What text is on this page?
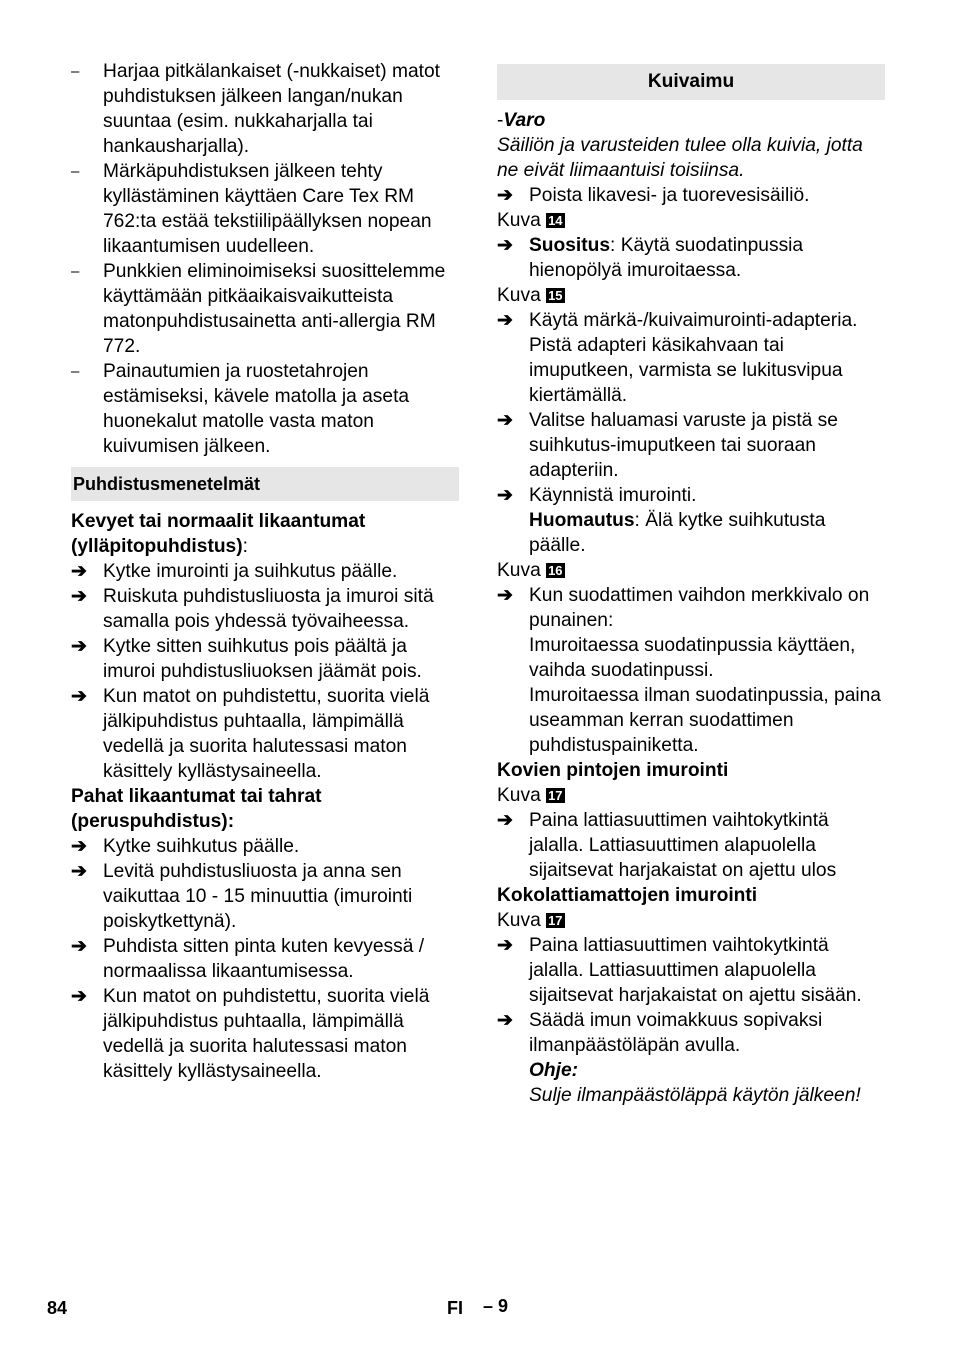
–	Harjaa pitkälankaiset (-nukkaiset) matot puhdistuksen jälkeen langan/nukan suuntaa (esim. nukkaharjalla tai hankausharjalla).
–	Märkäpuhdistuksen jälkeen tehty kyllästäminen käyttäen Care Tex RM 762:ta estää tekstiilipäällyksen nopean likaantumisen uudelleen.
–	Punkkien eliminoimiseksi suosittelemme käyttämään pitkäaikaisvaikutteista matonpuhdistusainetta anti-allergia RM 772.
–	Painautumien ja ruostetahrojen estämiseksi, kävele matolla ja aseta huonekalut matolle vasta maton kuivumisen jälkeen.
Puhdistusmenetelmät

Kevyet tai normaalit likaantumat (ylläpitopuhdistus):

➔ Kytke imurointi ja suihkutus päälle.
➔ Ruiskuta puhdistusliuosta ja imuroi sitä samalla pois yhdessä työvaiheessa.
➔ Kytke sitten suihkutus pois päältä ja imuroi puhdistusliuoksen jäämät pois.
➔ Kun matot on puhdistettu, suorita vielä jälkipuhdistus puhtaalla, lämpimällä vedellä ja suorita halutessasi maton käsittely kyllästysaineella.

Pahat likaantumat tai tahrat (peruspuhdistus):

➔ Kytke suihkutus päälle.
➔ Levitä puhdistusliuosta ja anna sen vaikuttaa 10 - 15 minuuttia (imurointi poiskytkettynä).
➔ Puhdista sitten pinta kuten kevyessä / normaalissa likaantumisessa.
➔ Kun matot on puhdistettu, suorita vielä jälkipuhdistus puhtaalla, lämpimällä vedellä ja suorita halutessasi maton käsittely kyllästysaineella.
Kuivaimu

-Varo

Säiliön ja varusteiden tulee olla kuivia, jotta ne eivät liimaantuisi toisiinsa.

➔ Poista likavesi- ja tuorevesisäiliö.

Kuva 14

➔ Suositus: Käytä suodatinpussia hienopölyä imuroitaessa.

Kuva 15

➔ Käytä märkä-/kuivaimurointi-adapteria. Pistä adapteri käsikahvaan tai imuputkeen, varmista se lukitusvipua kiertämällä.
➔ Valitse haluamasi varuste ja pistä se suihkutus-imuputkeen tai suoraan adapteriin.
➔ Käynnistä imurointi.
Huomautus: Älä kytke suihkutusta päälle.

Kuva 16

➔ Kun suodattimen vaihdon merkkivalo on punainen:
Imuroitaessa suodatinpussia käyttäen, vaihda suodatinpussi.
Imuroitaessa ilman suodatinpussia, paina useamman kerran suodattimen puhdistuspainiketta.

Kovien pintojen imurointi

Kuva 17

➔ Paina lattiasuuttimen vaihtokytkintä jalalla. Lattiasuuttimen alapuolella sijaitsevat harjakaistat on ajettu ulos

Kokolattiamattojen imurointi

Kuva 17

➔ Paina lattiasuuttimen vaihtokytkintä jalalla. Lattiasuuttimen alapuolella sijaitsevat harjakaistat on ajettu sisään.
➔ Säädä imun voimakkuus sopivaksi ilmanpäästöläpän avulla.
Ohje:
Sulje ilmanpäästöläppä käytön jälkeen!
84	FI – 9
